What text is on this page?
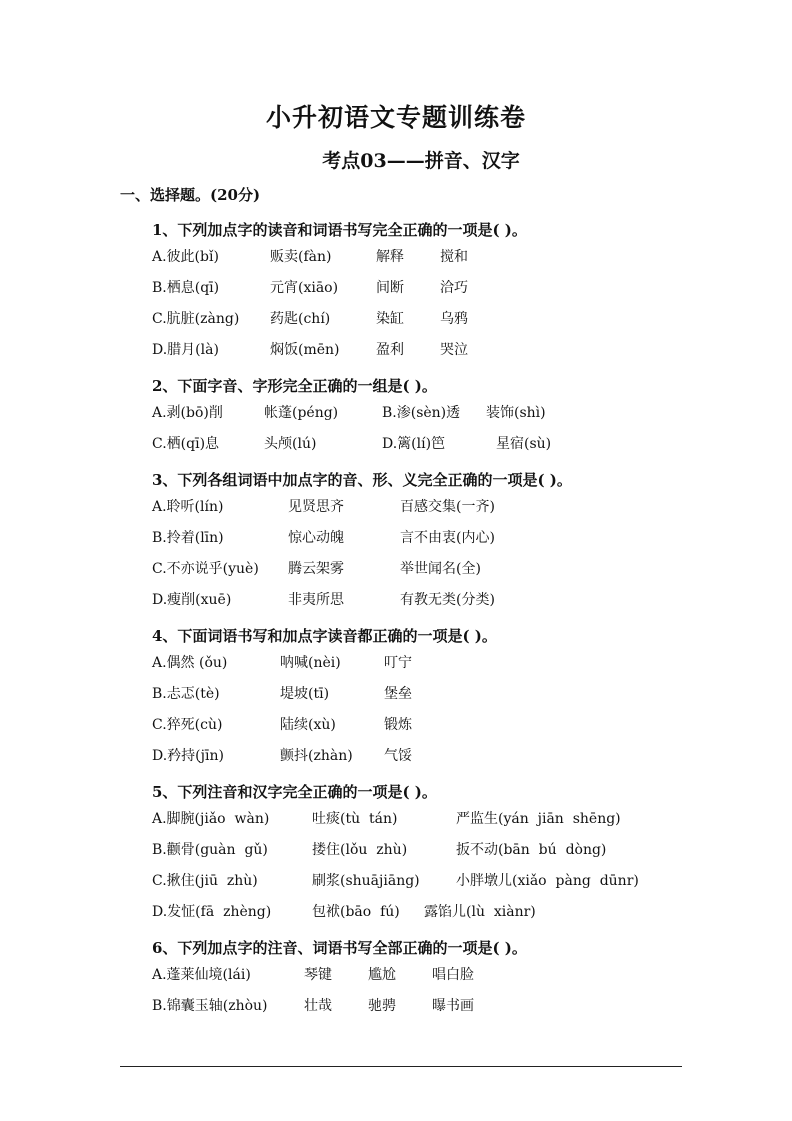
小升初语文专题训练卷
考点03——拼音、汉字
一、选择题。(20分)
1、下列加点字的读音和词语书写完全正确的一项是( )。
A.彼此(bǐ)	贩卖(fàn)	解释	搅和
B.栖息(qī)	元宵(xiāo)	间断	洽巧
C.肮脏(zàng) 药匙(chí)	染缸	乌鸦
D.腊月(là)	焖饭(mēn)	盈利	哭泣
2、下面字音、字形完全正确的一组是( )。
A.剥(bō)削	帐蓬(péng)	B.渗(sèn)透 装饰(shì)
C.栖(qī)息	头颅(lú)	D.篱(lí)笆	星宿(sù)
3、下列各组词语中加点字的音、形、义完全正确的一项是( )。
A.聆听(lín)	见贤思齐	百感交集(一齐)
B.拎着(līn)	惊心动魄	言不由衷(内心)
C.不亦说乎(yuè) 腾云架雾	举世闻名(全)
D.瘦削(xuē)	非夷所思	有教无类(分类)
4、下面词语书写和加点字读音都正确的一项是( )。
A.偶然 (ǒu)	呐喊(nèi)	叮宁
B.忐忑(tè)	堤坡(tī)	堡垒
C.猝死(cù)	陆续(xù)	锻炼
D.矜持(jīn)	颤抖(zhàn) 气馁
5、下列注音和汉字完全正确的一项是( )。
A.脚腕(jiǎo  wàn)	吐痰(tù  tán)	严监生(yán  jiān  shēng)
B.颧骨(guàn  gǔ)	搂住(lǒu  zhù)	扳不动(bān  bú  dòng)
C.揪住(jiū  zhù)	刷浆(shuājiāng)	小胖墩儿(xiǎo  pàng  dūnr)
D.发怔(fā  zhèng)	包袱(bāo  fú) 露馅儿(lù  xiànr)
6、下列加点字的注音、词语书写全部正确的一项是( )。
A.蓬莱仙境(lái)	琴键	尴尬	唱白脸
B.锦囊玉轴(zhòu)	壮哉	驰骋	曝书画
